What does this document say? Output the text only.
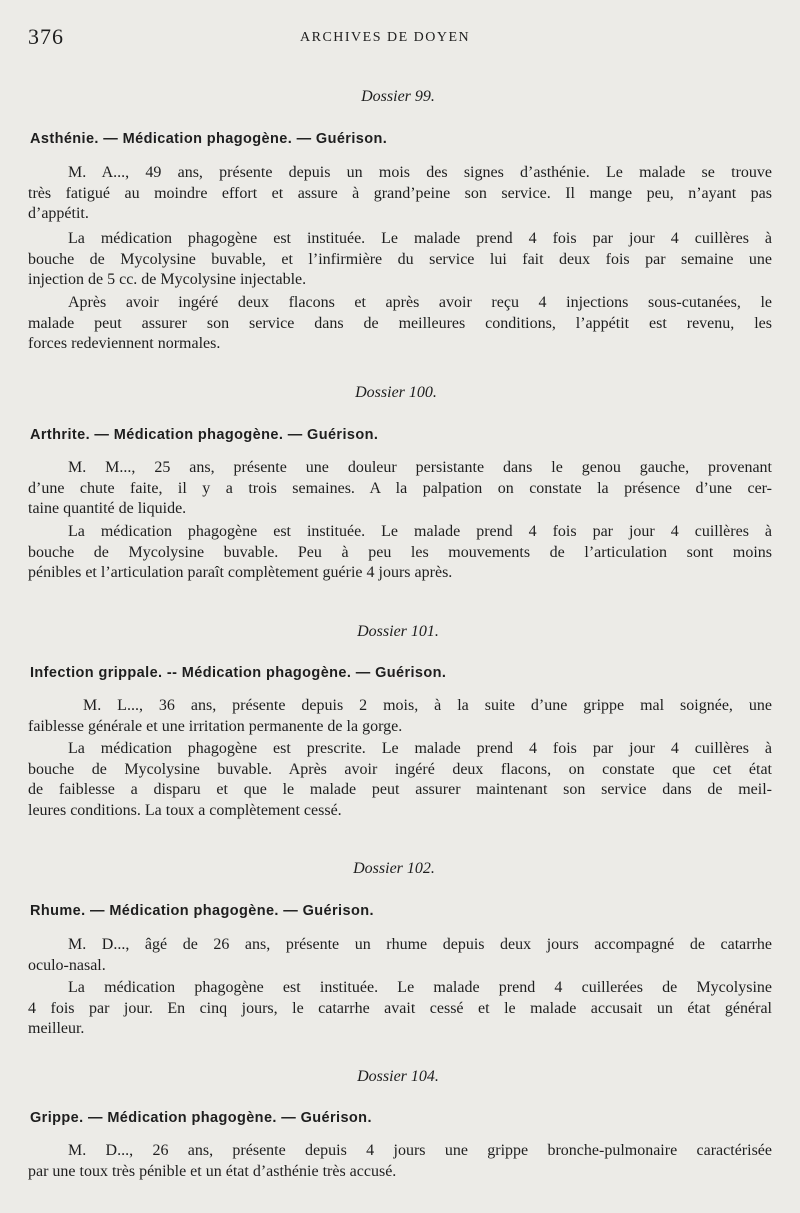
376	ARCHIVES DE DOYEN
Dossier 99.
Asthénie. — Médication phagogène. — Guérison.

M. A..., 49 ans, présente depuis un mois des signes d’asthénie. Le malade se trouve
très fatigué au moindre effort et assure à grand’peine son service. Il mange peu, n’ayant pas
d’appétit.

La médication phagogène est instituée. Le malade prend 4 fois par jour 4 cuillères à
bouche de Mycolysine buvable, et l’infirmière du service lui fait deux fois par semaine une
injection de 5 cc. de Mycolysine injectable.

Après avoir ingéré deux flacons et après avoir reçu 4 injections sous-cutanées, le
malade peut assurer son service dans de meilleures conditions, l’appétit est revenu, les
forces redeviennent normales.

Dossier 100.
Arthrite. — Médication phagogène. — Guérison.

M. M..., 25 ans, présente une douleur persistante dans le genou gauche, provenant
d’une chute faite, il y a trois semaines. A la palpation on constate la présence d’une cer-
taine quantité de liquide.

La médication phagogène est instituée. Le malade prend 4 fois par jour 4 cuillères à
bouche de Mycolysine buvable. Peu à peu les mouvements de l’articulation sont moins
pénibles et l’articulation paraît complètement guérie 4 jours après.

Dossier 101.
Infection grippale. -- Médication phagogène. — Guérison.

M. L..., 36 ans, présente depuis 2 mois, à la suite d’une grippe mal soignée, une
faiblesse générale et une irritation permanente de la gorge.

La médication phagogène est prescrite. Le malade prend 4 fois par jour 4 cuillères à
bouche de Mycolysine buvable. Après avoir ingéré deux flacons, on constate que cet état
de faiblesse a disparu et que le malade peut assurer maintenant son service dans de meil-
leures conditions. La toux a complètement cessé.

Dossier 102.
Rhume. — Médication phagogène. — Guérison.

M. D..., âgé de 26 ans, présente un rhume depuis deux jours accompagné de catarrhe
oculo-nasal.

La médication phagogène est instituée. Le malade prend 4 cuillerées de Mycolysine
4 fois par jour. En cinq jours, le catarrhe avait cessé et le malade accusait un état général
meilleur.

Dossier 104.
Grippe. — Médication phagogène. — Guérison.

M. D..., 26 ans, présente depuis 4 jours une grippe bronche-pulmonaire caractérisée
par une toux très pénible et un état d’asthénie très accusé.
